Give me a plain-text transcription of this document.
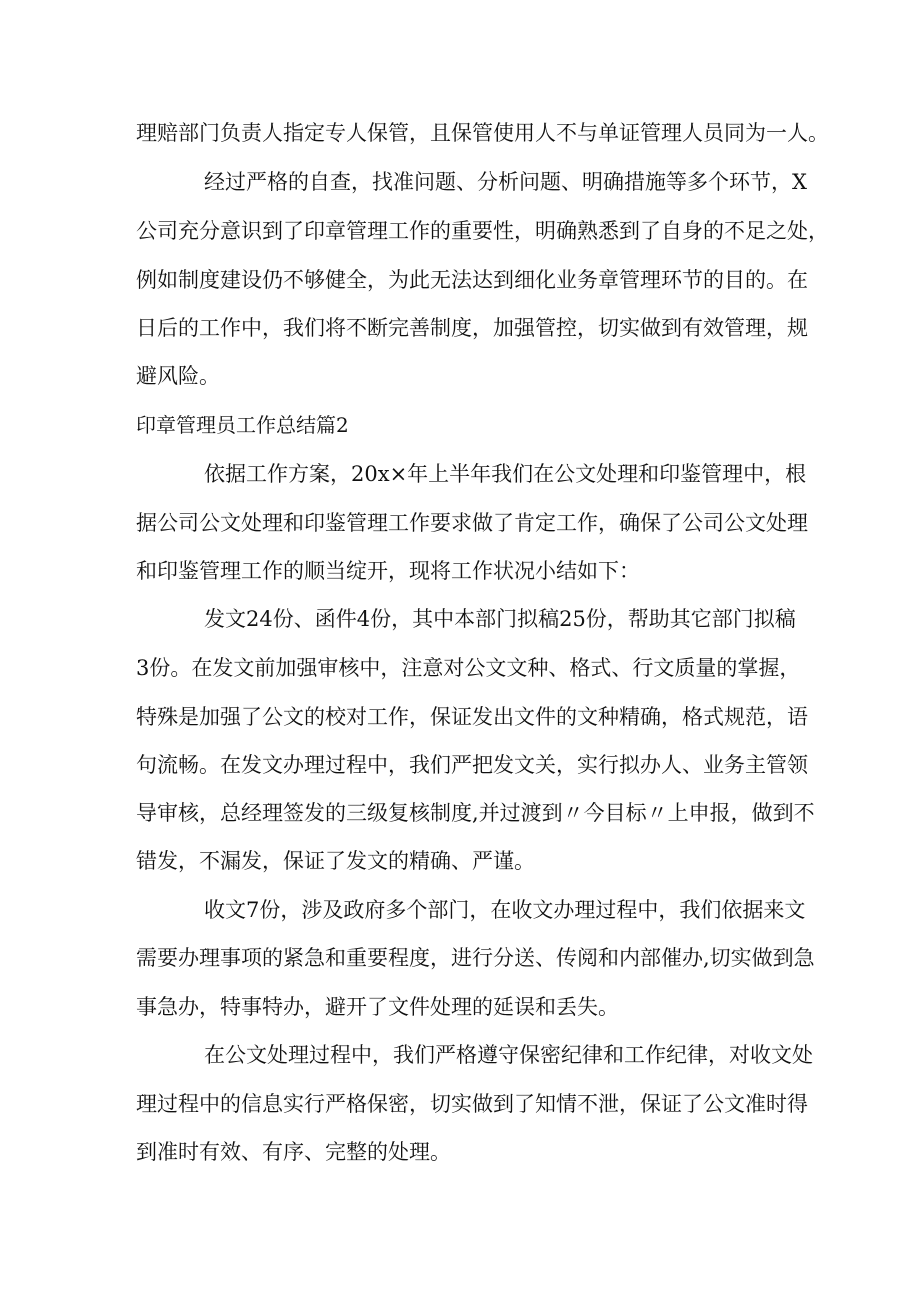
理赔部门负责人指定专人保管，且保管使用人不与单证管理人员同为一人。

经过严格的自查，找准问题、分析问题、明确措施等多个环节，X

公司充分意识到了印章管理工作的重要性，明确熟悉到了自身的不足之处，

例如制度建设仍不够健全，为此无法达到细化业务章管理环节的目的。在

日后的工作中，我们将不断完善制度，加强管控，切实做到有效管理，规

避风险。

印章管理员工作总结篇2

依据工作方案，20x×年上半年我们在公文处理和印鉴管理中，根

据公司公文处理和印鉴管理工作要求做了肯定工作，确保了公司公文处理

和印鉴管理工作的顺当绽开，现将工作状况小结如下：

发文24份、函件4份，其中本部门拟稿25份，帮助其它部门拟稿

3份。在发文前加强审核中，注意对公文文种、格式、行文质量的掌握，

特殊是加强了公文的校对工作，保证发出文件的文种精确，格式规范，语

句流畅。在发文办理过程中，我们严把发文关，实行拟办人、业务主管领

导审核，总经理签发的三级复核制度,并过渡到〃今目标〃上申报，做到不

错发，不漏发，保证了发文的精确、严谨。

收文7份，涉及政府多个部门，在收文办理过程中，我们依据来文

需要办理事项的紧急和重要程度，进行分送、传阅和内部催办,切实做到急

事急办，特事特办，避开了文件处理的延误和丢失。

在公文处理过程中，我们严格遵守保密纪律和工作纪律，对收文处

理过程中的信息实行严格保密，切实做到了知情不泄，保证了公文准时得

到准时有效、有序、完整的处理。
